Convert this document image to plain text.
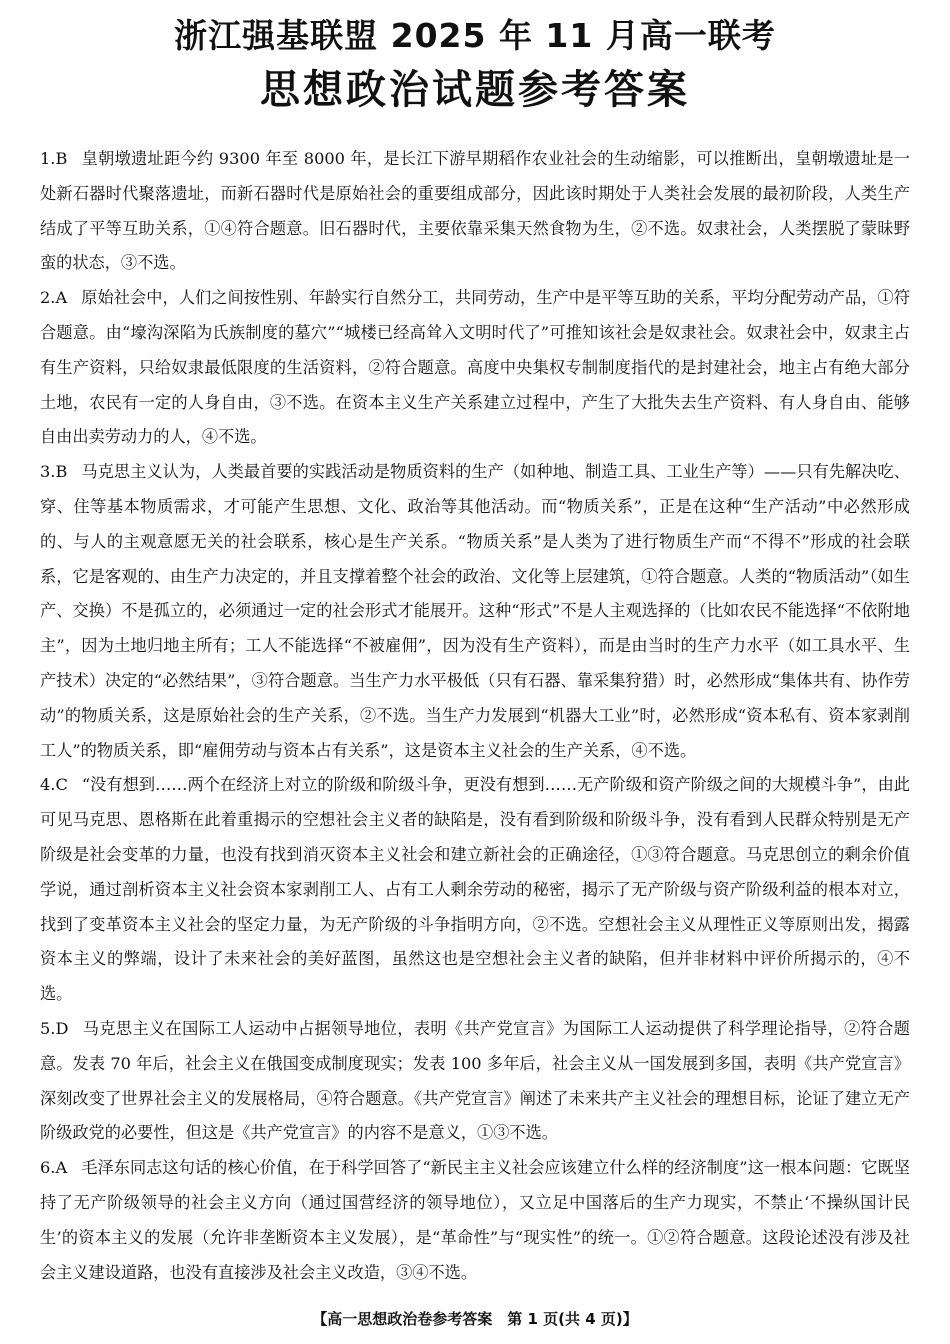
浙江强基联盟 2025 年 11 月高一联考
思想政治试题参考答案

1.B 皇朝墩遗址距今约 9300 年至 8000 年，是长江下游早期稻作农业社会的生动缩影，可以推断出，皇朝墩遗址是一处新石器时代聚落遗址，而新石器时代是原始社会的重要组成部分，因此该时期处于人类社会发展的最初阶段，人类生产结成了平等互助关系，①④符合题意。旧石器时代，主要依靠采集天然食物为生，②不选。奴隶社会，人类摆脱了蒙昧野蛮的状态，③不选。

2.A 原始社会中，人们之间按性别、年龄实行自然分工，共同劳动，生产中是平等互助的关系，平均分配劳动产品，①符合题意。由“壕沟深陷为氏族制度的墓穴”“城楼已经高耸入文明时代了”可推知该社会是奴隶社会。奴隶社会中，奴隶主占有生产资料，只给奴隶最低限度的生活资料，②符合题意。高度中央集权专制制度指代的是封建社会，地主占有绝大部分土地，农民有一定的人身自由，③不选。在资本主义生产关系建立过程中，产生了大批失去生产资料、有人身自由、能够自由出卖劳动力的人，④不选。

3.B 马克思主义认为，人类最首要的实践活动是物质资料的生产（如种地、制造工具、工业生产等）——只有先解决吃、穿、住等基本物质需求，才可能产生思想、文化、政治等其他活动。而“物质关系”，正是在这种“生产活动”中必然形成的、与人的主观意愿无关的社会联系，核心是生产关系。“物质关系”是人类为了进行物质生产而“不得不”形成的社会联系，它是客观的、由生产力决定的，并且支撑着整个社会的政治、文化等上层建筑，①符合题意。人类的“物质活动”（如生产、交换）不是孤立的，必须通过一定的社会形式才能展开。这种“形式”不是人主观选择的（比如农民不能选择“不依附地主”，因为土地归地主所有；工人不能选择“不被雇佣”，因为没有生产资料），而是由当时的生产力水平（如工具水平、生产技术）决定的“必然结果”，③符合题意。当生产力水平极低（只有石器、靠采集狩猎）时，必然形成“集体共有、协作劳动”的物质关系，这是原始社会的生产关系，②不选。当生产力发展到“机器大工业”时，必然形成“资本私有、资本家剥削工人”的物质关系，即“雇佣劳动与资本占有关系”，这是资本主义社会的生产关系，④不选。

4.C “没有想到……两个在经济上对立的阶级和阶级斗争，更没有想到……无产阶级和资产阶级之间的大规模斗争”，由此可见马克思、恩格斯在此着重揭示的空想社会主义者的缺陷是，没有看到阶级和阶级斗争，没有看到人民群众特别是无产阶级是社会变革的力量，也没有找到消灭资本主义社会和建立新社会的正确途径，①③符合题意。马克思创立的剩余价值学说，通过剖析资本主义社会资本家剥削工人、占有工人剩余劳动的秘密，揭示了无产阶级与资产阶级利益的根本对立，找到了变革资本主义社会的坚定力量，为无产阶级的斗争指明方向，②不选。空想社会主义从理性正义等原则出发，揭露资本主义的弊端，设计了未来社会的美好蓝图，虽然这也是空想社会主义者的缺陷，但并非材料中评价所揭示的，④不选。

5.D 马克思主义在国际工人运动中占据领导地位，表明《共产党宣言》为国际工人运动提供了科学理论指导，②符合题意。发表 70 年后，社会主义在俄国变成制度现实；发表 100 多年后，社会主义从一国发展到多国，表明《共产党宣言》深刻改变了世界社会主义的发展格局，④符合题意。《共产党宣言》阐述了未来共产主义社会的理想目标，论证了建立无产阶级政党的必要性，但这是《共产党宣言》的内容不是意义，①③不选。

6.A 毛泽东同志这句话的核心价值，在于科学回答了“新民主主义社会应该建立什么样的经济制度”这一根本问题：它既坚持了无产阶级领导的社会主义方向（通过国营经济的领导地位），又立足中国落后的生产力现实，不禁止‘不操纵国计民生’的资本主义的发展（允许非垄断资本主义发展），是“革命性”与“现实性”的统一。①②符合题意。这段论述没有涉及社会主义建设道路，也没有直接涉及社会主义改造，③④不选。

【高一思想政治卷参考答案　第 1 页(共 4 页)】
